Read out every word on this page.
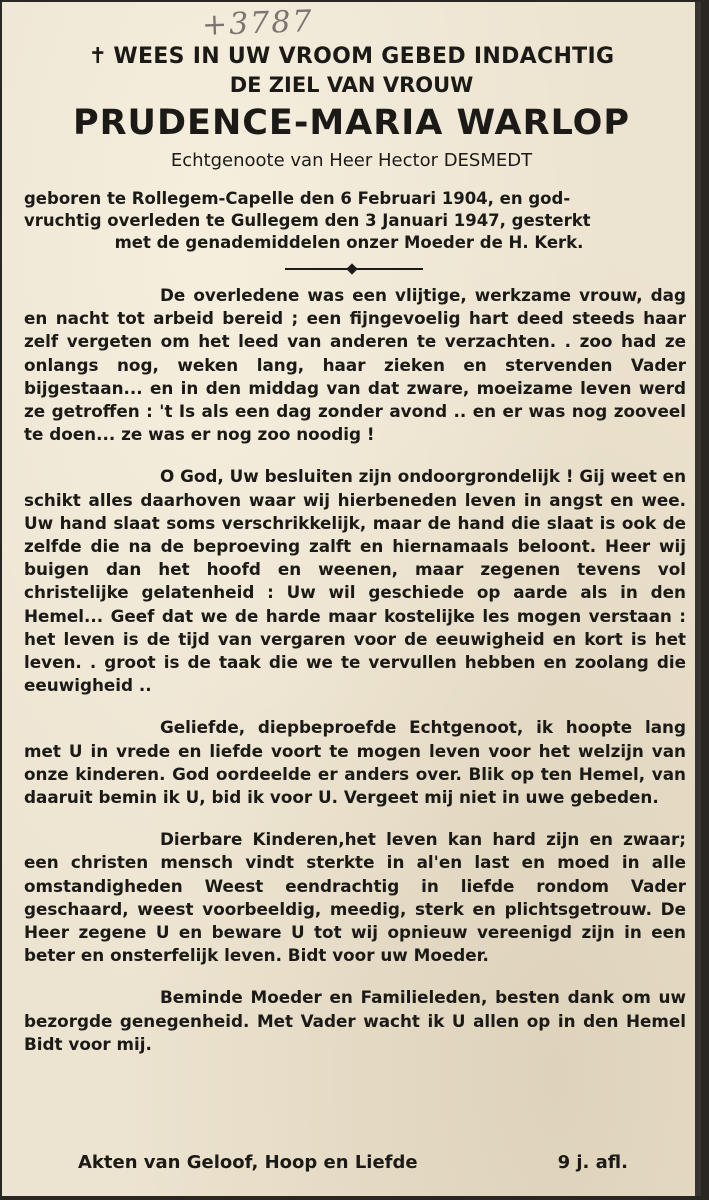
+3787

✝ WEES IN UW VROOM GEBED INDACHTIG

DE ZIEL VAN VROUW

PRUDENCE-MARIA WARLOP

Echtgenoote van Heer Hector DESMEDT

geboren te Rollegem-Capelle den 6 Februari 1904, en god-
vruchtig overleden te Gullegem den 3 Januari 1947, gesterkt
met de genademiddelen onzer Moeder de H. Kerk.

De overledene was een vlijtige, werkzame vrouw, dag en nacht tot arbeid bereid ; een fijngevoelig hart deed steeds haar zelf vergeten om het leed van anderen te verzachten. . zoo had ze onlangs nog, weken lang, haar zieken en stervenden Vader bijgestaan... en in den middag van dat zware, moeizame leven werd ze getroffen : 't Is als een dag zonder avond .. en er was nog zooveel te doen... ze was er nog zoo noodig !

O God, Uw besluiten zijn ondoorgrondelijk ! Gij weet en schikt alles daarhoven waar wij hierbeneden leven in angst en wee. Uw hand slaat soms verschrikkelijk, maar de hand die slaat is ook de zelfde die na de beproeving zalft en hiernamaals beloont. Heer wij buigen dan het hoofd en weenen, maar zegenen tevens vol christelijke gelatenheid : Uw wil geschiede op aarde als in den Hemel... Geef dat we de harde maar kostelijke les mogen verstaan : het leven is de tijd van vergaren voor de eeuwigheid en kort is het leven. . groot is de taak die we te vervullen hebben en zoolang die eeuwigheid ..

Geliefde, diepbeproefde Echtgenoot, ik hoopte lang met U in vrede en liefde voort te mogen leven voor het welzijn van onze kinderen. God oordeelde er anders over. Blik op ten Hemel, van daaruit bemin ik U, bid ik voor U. Vergeet mij niet in uwe gebeden.

Dierbare Kinderen,het leven kan hard zijn en zwaar; een christen mensch vindt sterkte in al'en last en moed in alle omstandigheden Weest eendrachtig in liefde rondom Vader geschaard, weest voorbeeldig, meedig, sterk en plichtsgetrouw. De Heer zegene U en beware U tot wij opnieuw vereenigd zijn in een beter en onsterfelijk leven. Bidt voor uw Moeder.

Beminde Moeder en Familieleden, besten dank om uw bezorgde genegenheid. Met Vader wacht ik U allen op in den Hemel Bidt voor mij.

Akten van Geloof, Hoop en Liefde	9 j. afl.
